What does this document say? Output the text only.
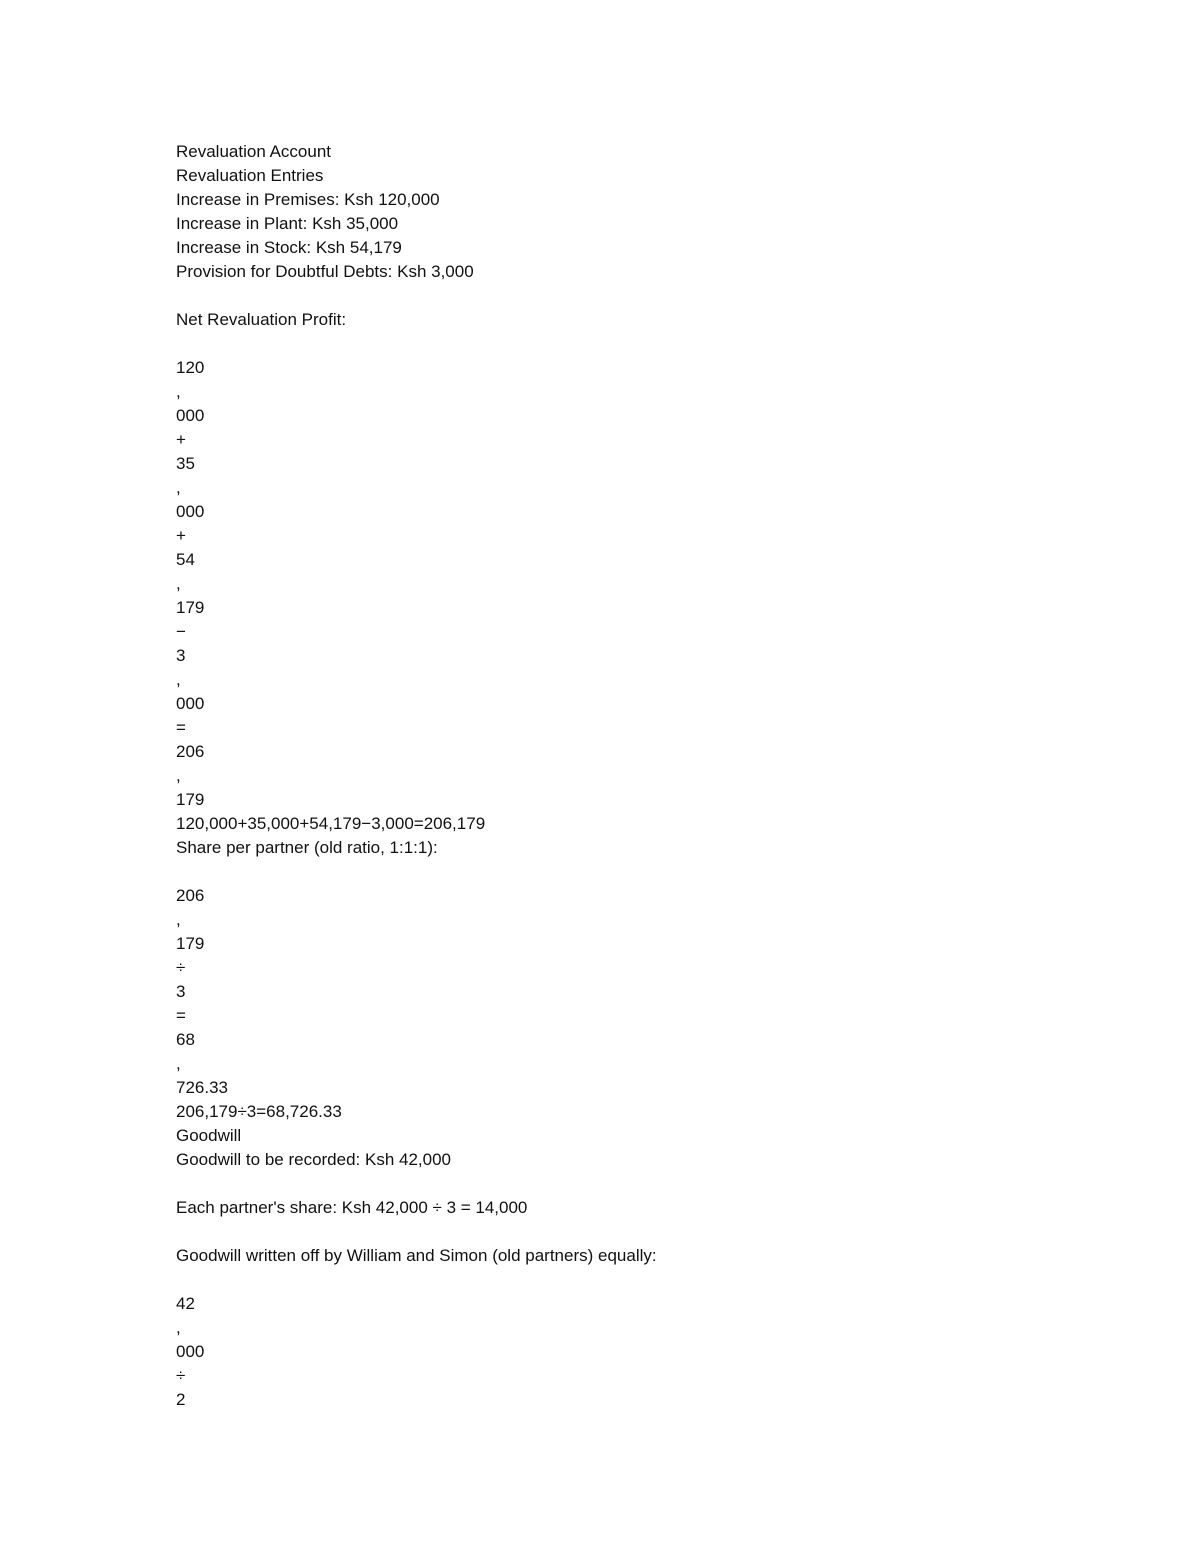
Revaluation Account
Revaluation Entries
Increase in Premises: Ksh 120,000
Increase in Plant: Ksh 35,000
Increase in Stock: Ksh 54,179
Provision for Doubtful Debts: Ksh 3,000
Net Revaluation Profit:
120
,
000
+
35
,
000
+
54
,
179
−
3
,
000
=
206
,
179
120,000+35,000+54,179−3,000=206,179
Share per partner (old ratio, 1:1:1):
206
,
179
÷
3
=
68
,
726.33
206,179÷3=68,726.33
Goodwill
Goodwill to be recorded: Ksh 42,000
Each partner's share: Ksh 42,000 ÷ 3 = 14,000
Goodwill written off by William and Simon (old partners) equally:
42
,
000
÷
2
